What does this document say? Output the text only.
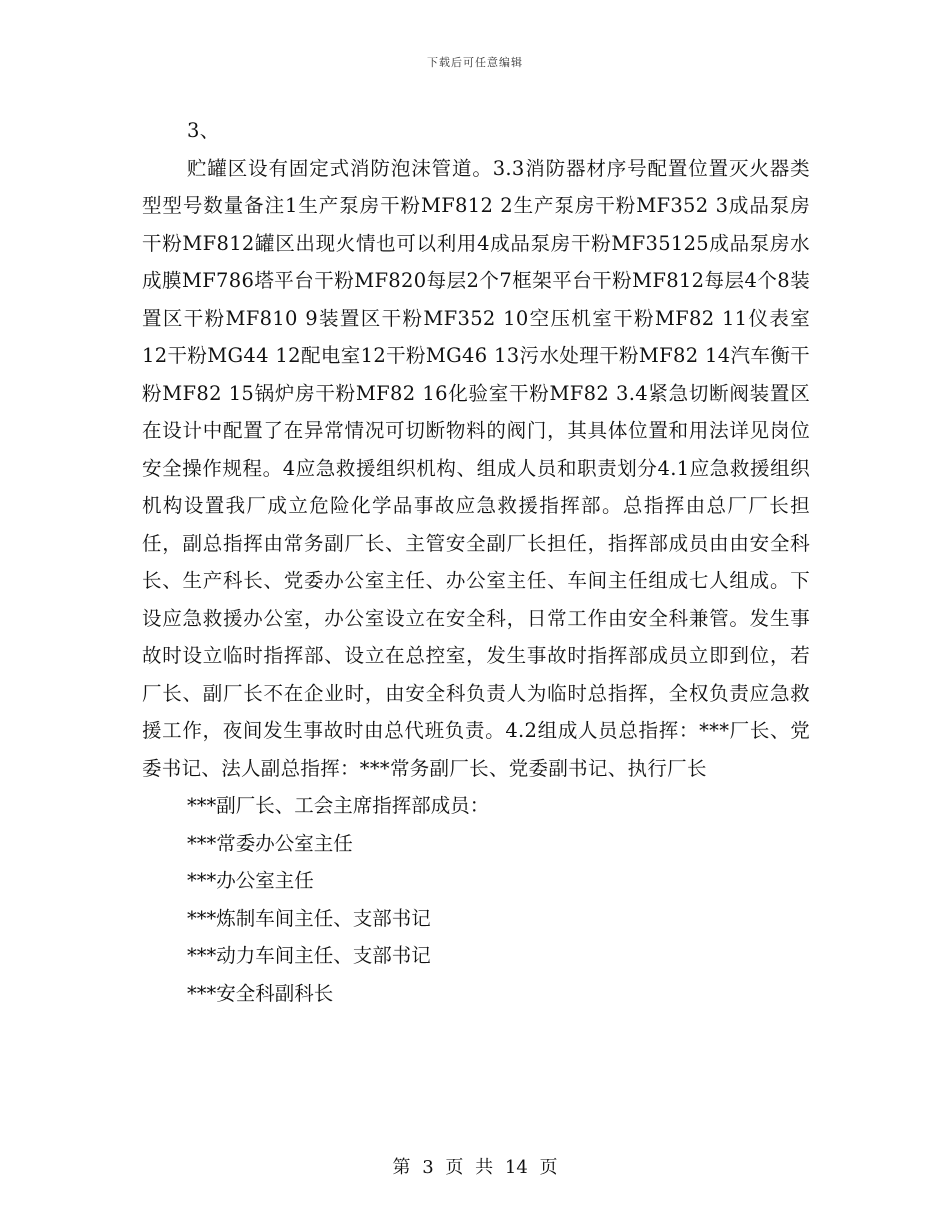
下载后可任意编辑

3、

贮罐区设有固定式消防泡沫管道。3.3消防器材序号配置位置灭火器类型型号数量备注1生产泵房干粉MF812 2生产泵房干粉MF352 3成品泵房干粉MF812罐区出现火情也可以利用4成品泵房干粉MF35125成品泵房水成膜MF786塔平台干粉MF820每层2个7框架平台干粉MF812每层4个8装置区干粉MF810 9装置区干粉MF352 10空压机室干粉MF82 11仪表室12干粉MG44 12配电室12干粉MG46 13污水处理干粉MF82 14汽车衡干粉MF82 15锅炉房干粉MF82 16化验室干粉MF82 3.4紧急切断阀装置区在设计中配置了在异常情况可切断物料的阀门，其具体位置和用法详见岗位安全操作规程。4应急救援组织机构、组成人员和职责划分4.1应急救援组织机构设置我厂成立危险化学品事故应急救援指挥部。总指挥由总厂厂长担任，副总指挥由常务副厂长、主管安全副厂长担任，指挥部成员由由安全科长、生产科长、党委办公室主任、办公室主任、车间主任组成七人组成。下设应急救援办公室，办公室设立在安全科，日常工作由安全科兼管。发生事故时设立临时指挥部、设立在总控室，发生事故时指挥部成员立即到位，若厂长、副厂长不在企业时，由安全科负责人为临时总指挥，全权负责应急救援工作，夜间发生事故时由总代班负责。4.2组成人员总指挥：***厂长、党委书记、法人副总指挥：***常务副厂长、党委副书记、执行厂长

***副厂长、工会主席指挥部成员：

***常委办公室主任

***办公室主任

***炼制车间主任、支部书记

***动力车间主任、支部书记

***安全科副科长

第 3 页 共 14 页
